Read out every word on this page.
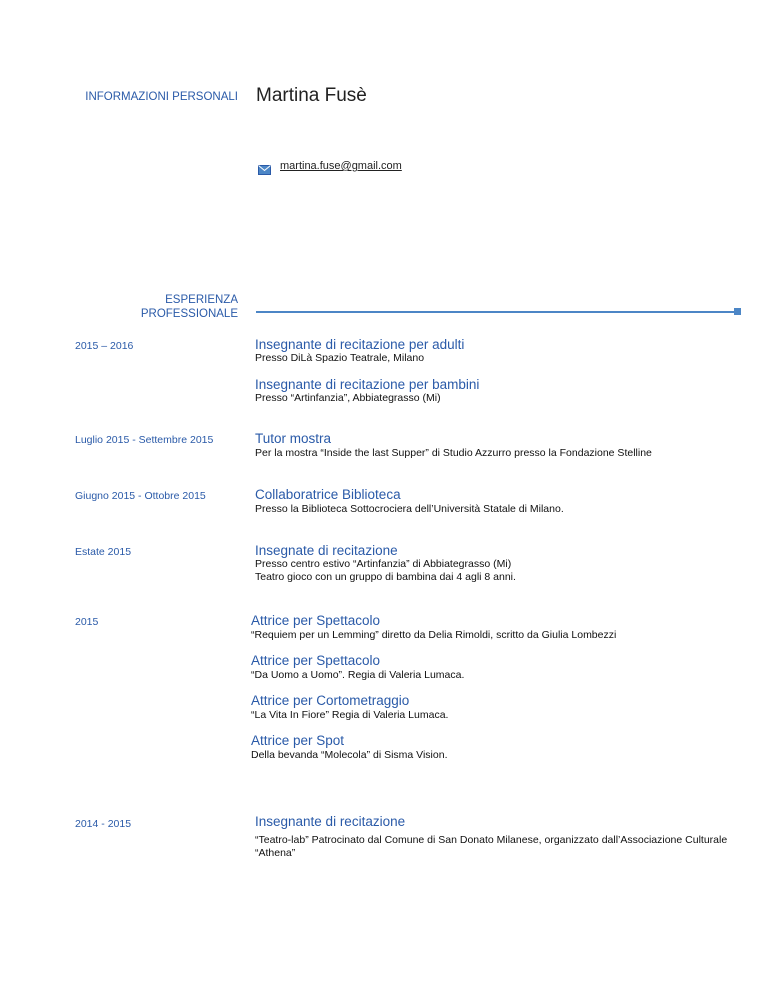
INFORMAZIONI PERSONALI Martina Fusè
martina.fuse@gmail.com
ESPERIENZA
PROFESSIONALE
2015 – 2016	Insegnante di recitazione per adulti
Presso DiLà Spazio Teatrale, Milano
Insegnante di recitazione per bambini
Presso “Artinfanzia”, Abbiategrasso (Mi)
Luglio 2015 - Settembre 2015	Tutor mostra
Per la mostra “Inside the last Supper” di Studio Azzurro presso la Fondazione Stelline
Giugno 2015 - Ottobre 2015	Collaboratrice Biblioteca
Presso la Biblioteca Sottocrociera dell’Università Statale di Milano.
Estate 2015	Insegnate di recitazione
Presso centro estivo “Artinfanzia” di Abbiategrasso (Mi)
Teatro gioco con un gruppo di bambina dai 4 agli 8 anni.
2015	Attrice per Spettacolo
“Requiem per un Lemming” diretto da Delia Rimoldi, scritto da Giulia Lombezzi
Attrice per Spettacolo
“Da Uomo a Uomo”. Regia di Valeria Lumaca.
Attrice per Cortometraggio
“La Vita In Fiore” Regia di Valeria Lumaca.
Attrice per Spot
Della bevanda “Molecola” di Sisma Vision.
2014 - 2015	Insegnante di recitazione
“Teatro-lab” Patrocinato dal Comune di San Donato Milanese, organizzato dall’Associazione Culturale
“Athena”
